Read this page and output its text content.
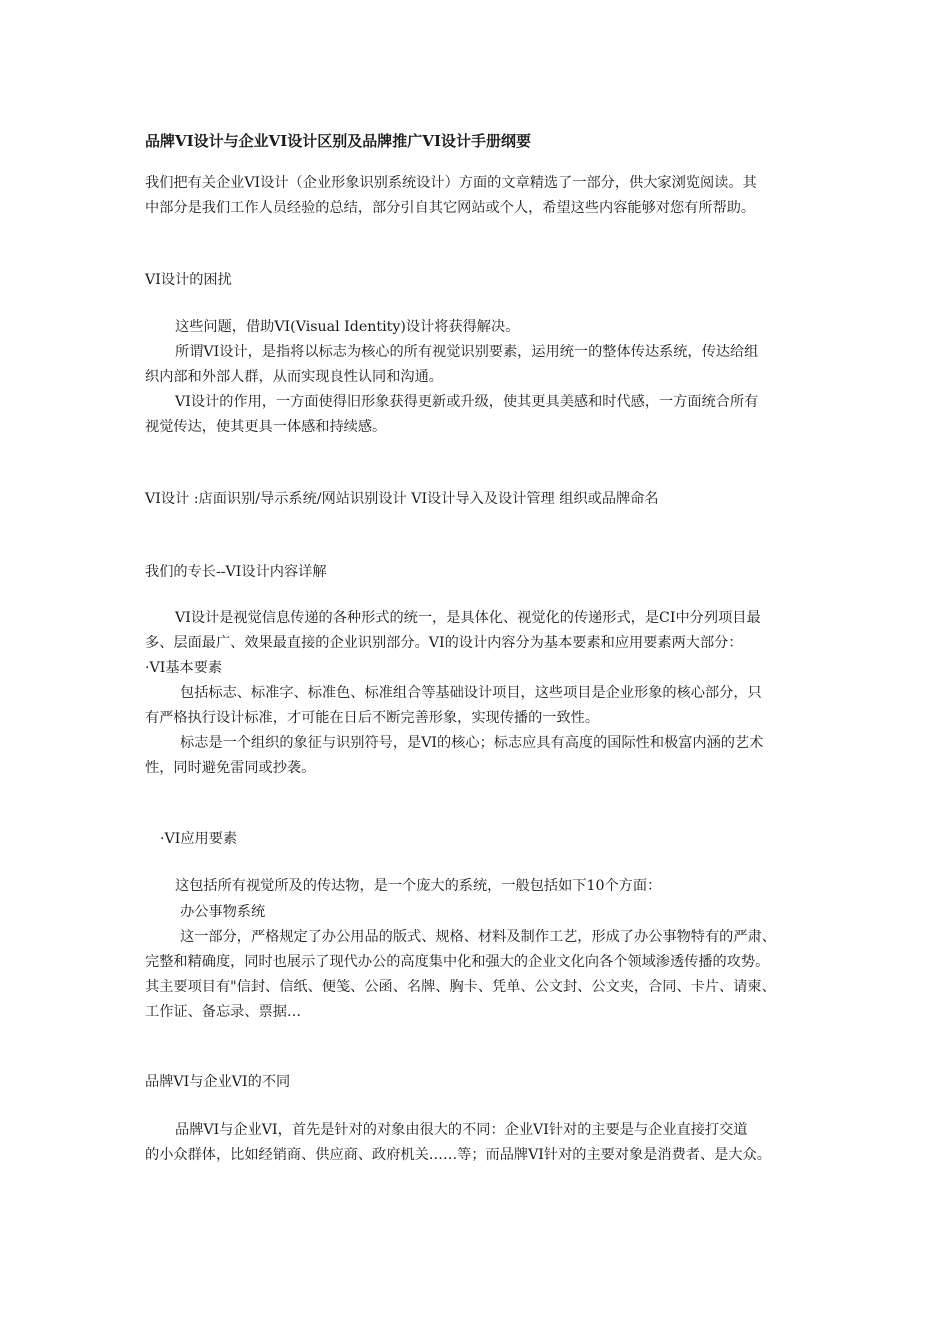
品牌VI设计与企业VI设计区别及品牌推广VI设计手册纲要
我们把有关企业VI设计（企业形象识别系统设计）方面的文章精选了一部分，供大家浏览阅读。其
中部分是我们工作人员经验的总结，部分引自其它网站或个人，希望这些内容能够对您有所帮助。
VI设计的困扰
这些问题，借助VI(Visual Identity)设计将获得解决。
所谓VI设计，是指将以标志为核心的所有视觉识别要素，运用统一的整体传达系统，传达给组
织内部和外部人群，从而实现良性认同和沟通。
VI设计的作用，一方面使得旧形象获得更新或升级，使其更具美感和时代感，一方面统合所有
视觉传达，使其更具一体感和持续感。
VI设计 :店面识别/导示系统/网站识别设计 VI设计导入及设计管理 组织或品牌命名
我们的专长--VI设计内容详解
VI设计是视觉信息传递的各种形式的统一，是具体化、视觉化的传递形式，是CI中分列项目最
多、层面最广、效果最直接的企业识别部分。VI的设计内容分为基本要素和应用要素两大部分：
·VI基本要素
包括标志、标准字、标准色、标准组合等基础设计项目，这些项目是企业形象的核心部分，只
有严格执行设计标准，才可能在日后不断完善形象，实现传播的一致性。
标志是一个组织的象征与识别符号，是VI的核心；标志应具有高度的国际性和极富内涵的艺术
性，同时避免雷同或抄袭。
·VI应用要素
这包括所有视觉所及的传达物，是一个庞大的系统，一般包括如下10个方面：
办公事物系统
这一部分，严格规定了办公用品的版式、规格、材料及制作工艺，形成了办公事物特有的严肃、
完整和精确度，同时也展示了现代办公的高度集中化和强大的企业文化向各个领域渗透传播的攻势。
其主要项目有"信封、信纸、便笺、公函、名牌、胸卡、凭单、公文封、公文夹，合同、卡片、请柬、
工作证、备忘录、票据…
品牌VI与企业VI的不同
品牌VI与企业VI，首先是针对的对象由很大的不同：企业VI针对的主要是与企业直接打交道
的小众群体，比如经销商、供应商、政府机关……等；而品牌VI针对的主要对象是消费者、是大众。
